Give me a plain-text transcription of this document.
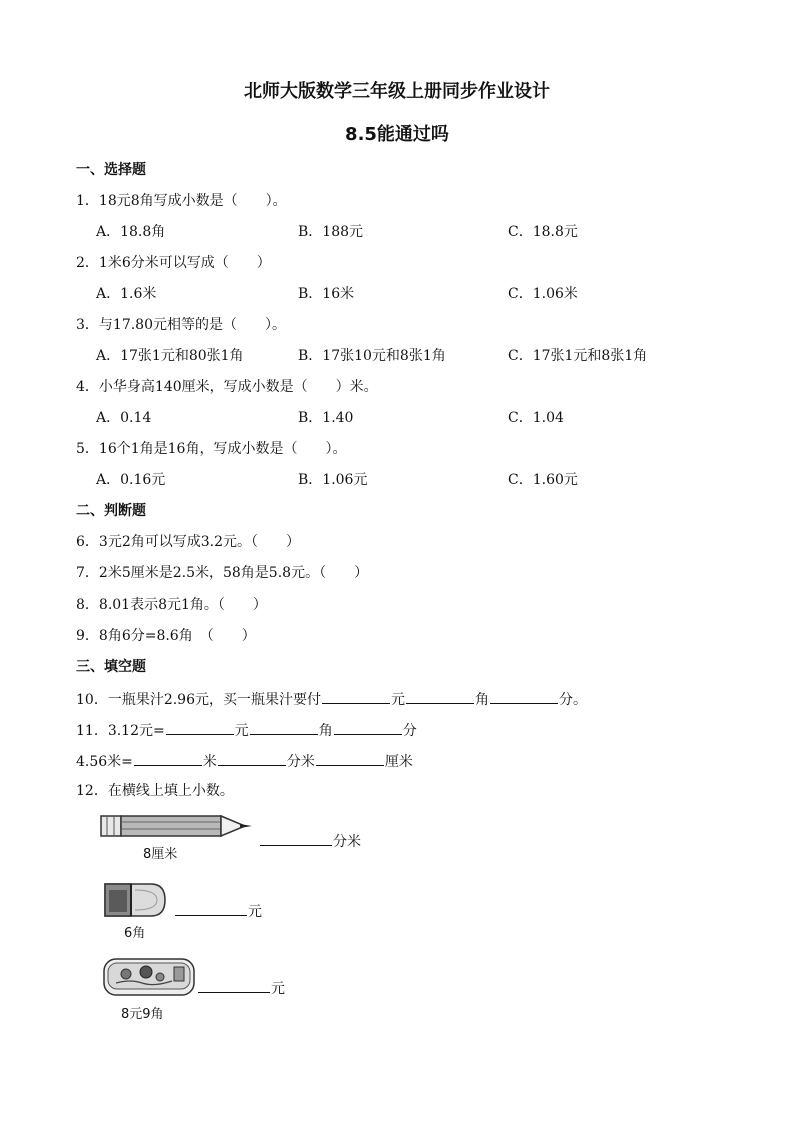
北师大版数学三年级上册同步作业设计
8.5能通过吗
一、选择题
1．18元8角写成小数是（　　）。
A．18.8角	B．188元	C．18.8元
2．1米6分米可以写成（　　）
A．1.6米	B．16米	C．1.06米
3．与17.80元相等的是（　　）。
A．17张1元和80张1角	B．17张10元和8张1角	C．17张1元和8张1角
4．小华身高140厘米，写成小数是（　　）米。
A．0.14	B．1.40	C．1.04
5．16个1角是16角，写成小数是（　　）。
A．0.16元	B．1.06元	C．1.60元
二、判断题
6．3元2角可以写成3.2元。（　　）
7．2米5厘米是2.5米，58角是5.8元。（　　）
8．8.01表示8元1角。（　　）
9．8角6分=8.6角　（　　）
三、填空题
10．一瓶果汁2.96元，买一瓶果汁要付	元	角	分。
11．3.12元=	元	角	分
4.56米=	米	分米	厘米
12．在横线上填上小数。
8厘米
分米
6角
元
8元9角
元
